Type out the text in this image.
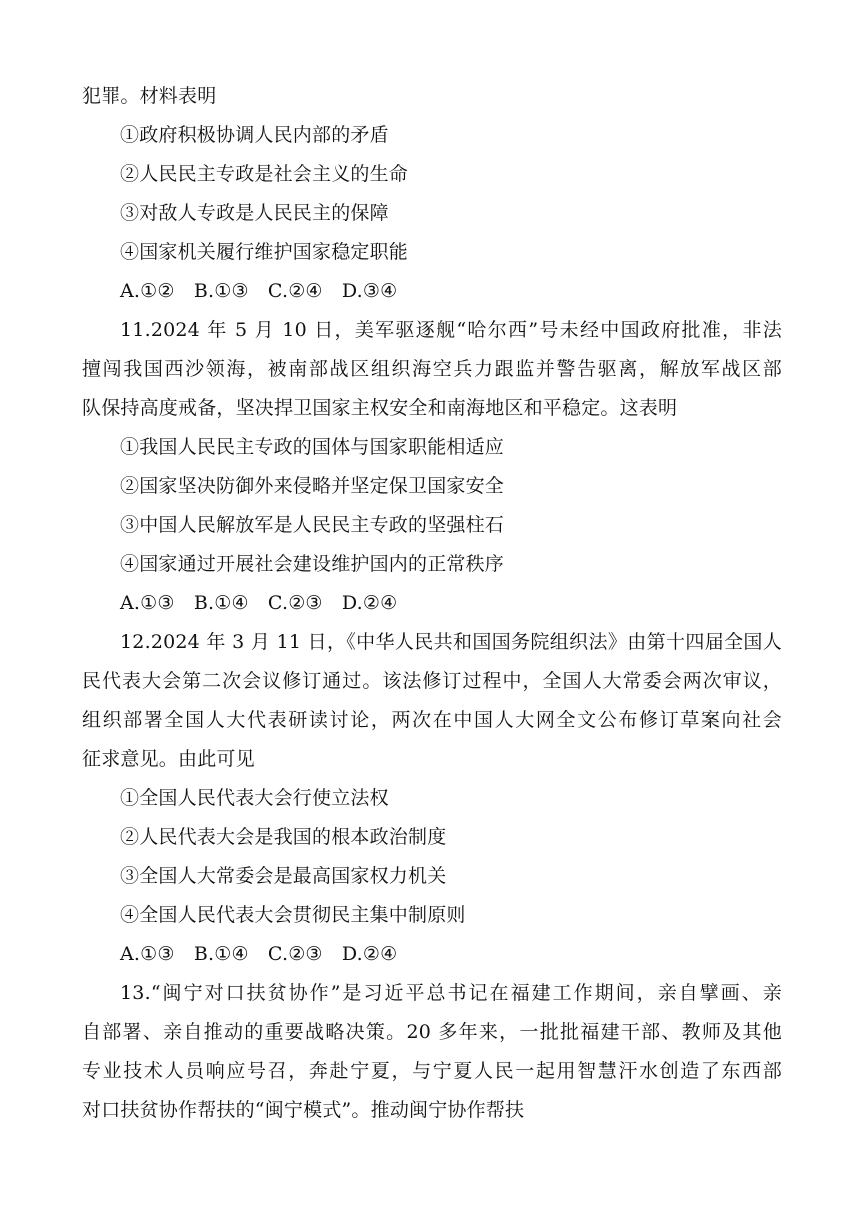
犯罪。材料表明
①政府积极协调人民内部的矛盾
②人民民主专政是社会主义的生命
③对敌人专政是人民民主的保障
④国家机关履行维护国家稳定职能
A.①②　B.①③　C.②④　D.③④
11.2024 年 5 月 10 日，美军驱逐舰“哈尔西”号未经中国政府批准，非法
擅闯我国西沙领海，被南部战区组织海空兵力跟监并警告驱离，解放军战区部
队保持高度戒备，坚决捍卫国家主权安全和南海地区和平稳定。这表明
①我国人民民主专政的国体与国家职能相适应
②国家坚决防御外来侵略并坚定保卫国家安全
③中国人民解放军是人民民主专政的坚强柱石
④国家通过开展社会建设维护国内的正常秩序
A.①③　B.①④　C.②③　D.②④
12.2024 年 3 月 11 日，《中华人民共和国国务院组织法》由第十四届全国人
民代表大会第二次会议修订通过。该法修订过程中，全国人大常委会两次审议，
组织部署全国人大代表研读讨论，两次在中国人大网全文公布修订草案向社会
征求意见。由此可见
①全国人民代表大会行使立法权
②人民代表大会是我国的根本政治制度
③全国人大常委会是最高国家权力机关
④全国人民代表大会贯彻民主集中制原则
A.①③　B.①④　C.②③　D.②④
13.“闽宁对口扶贫协作”是习近平总书记在福建工作期间，亲自擘画、亲
自部署、亲自推动的重要战略决策。20 多年来，一批批福建干部、教师及其他
专业技术人员响应号召，奔赴宁夏，与宁夏人民一起用智慧汗水创造了东西部
对口扶贫协作帮扶的“闽宁模式”。推动闽宁协作帮扶
